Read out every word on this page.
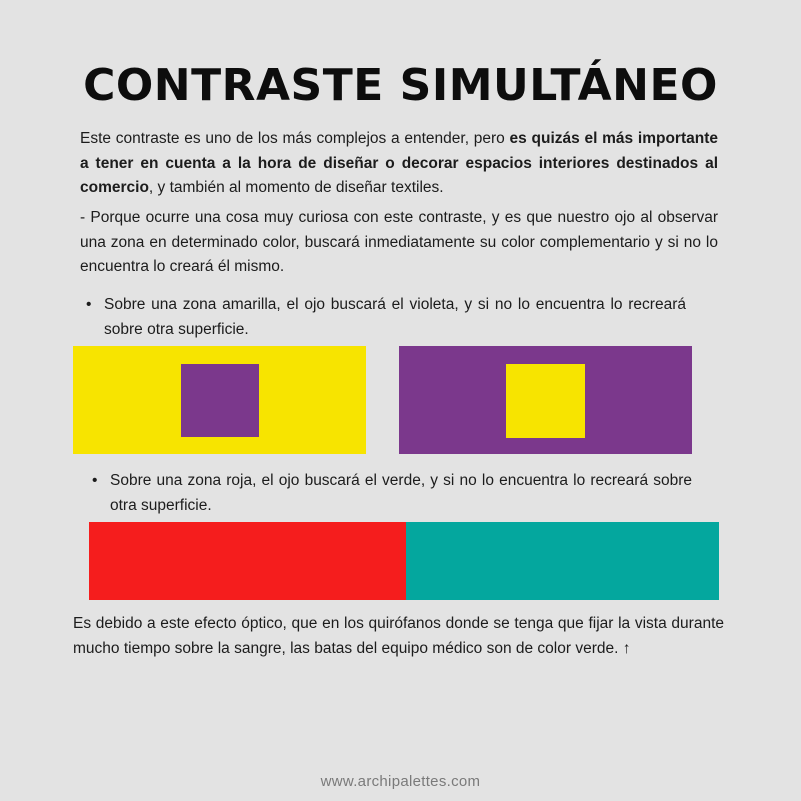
CONTRASTE SIMULTÁNEO
Este contraste es uno de los más complejos a entender, pero es quizás el más importante a tener en cuenta a la hora de diseñar o decorar espacios interiores destinados al comercio, y también al momento de diseñar textiles.
- Porque ocurre una cosa muy curiosa con este contraste, y es que nuestro ojo al observar una zona en determinado color, buscará inmediatamente su color complementario y si no lo encuentra lo creará él mismo.
• Sobre una zona amarilla, el ojo buscará el violeta, y si no lo encuentra lo recreará sobre otra superficie.
• Sobre una zona roja, el ojo buscará el verde, y si no lo encuentra lo recreará sobre otra superficie.
Es debido a este efecto óptico, que en los quirófanos donde se tenga que fijar la vista durante mucho tiempo sobre la sangre, las batas del equipo médico son de color verde. ↑
www.archipalettes.com
